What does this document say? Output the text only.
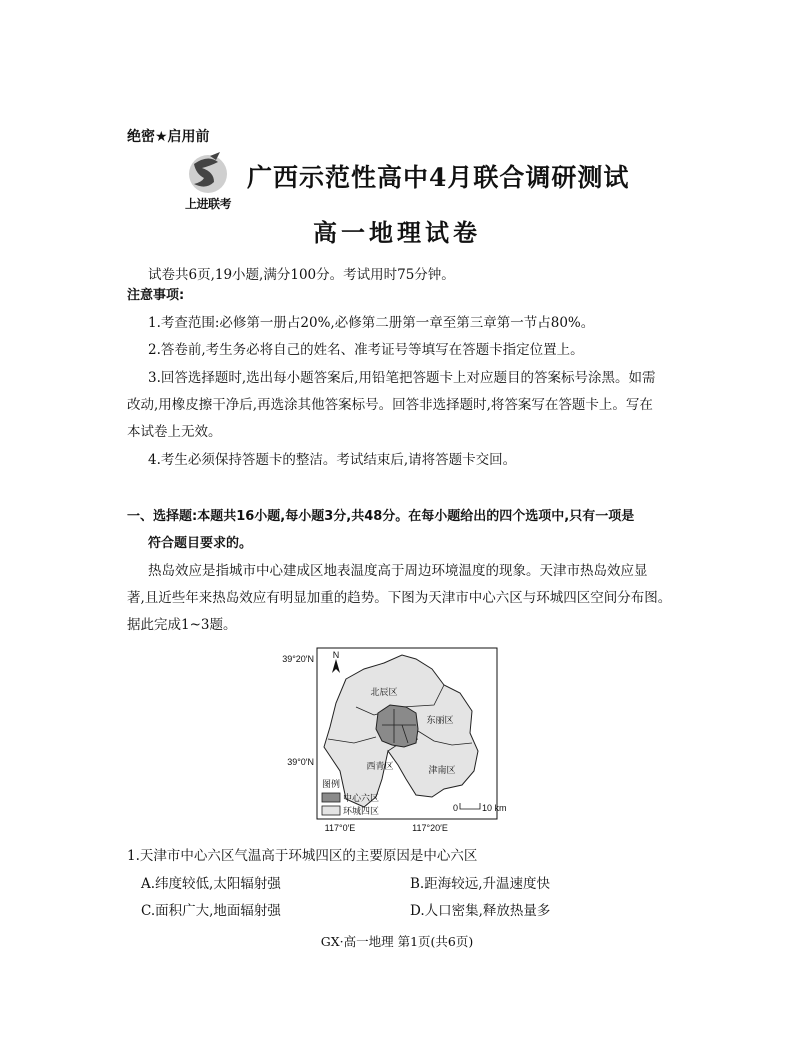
绝密★启用前
上进联考
广西示范性高中4月联合调研测试
高一地理试卷
试卷共6页,19小题,满分100分。考试用时75分钟。
注意事项:
1.考查范围:必修第一册占20%,必修第二册第一章至第三章第一节占80%。
2.答卷前,考生务必将自己的姓名、准考证号等填写在答题卡指定位置上。
3.回答选择题时,选出每小题答案后,用铅笔把答题卡上对应题目的答案标号涂黑。如需
改动,用橡皮擦干净后,再选涂其他答案标号。回答非选择题时,将答案写在答题卡上。写在
本试卷上无效。
4.考生必须保持答题卡的整洁。考试结束后,请将答题卡交回。
一、选择题:本题共16小题,每小题3分,共48分。在每小题给出的四个选项中,只有一项是
符合题目要求的。
热岛效应是指城市中心建成区地表温度高于周边环境温度的现象。天津市热岛效应显
著,且近些年来热岛效应有明显加重的趋势。下图为天津市中心六区与环城四区空间分布图。
据此完成1~3题。
N
北辰区
东丽区
西青区	津南区
39°20′N
39°0′N
117°0′E	117°20′E
图例
中心六区
环城四区	0	10 km
1.天津市中心六区气温高于环城四区的主要原因是中心六区
A.纬度较低,太阳辐射强	B.距海较远,升温速度快
C.面积广大,地面辐射强	D.人口密集,释放热量多
GX·高一地理 第1页(共6页)
